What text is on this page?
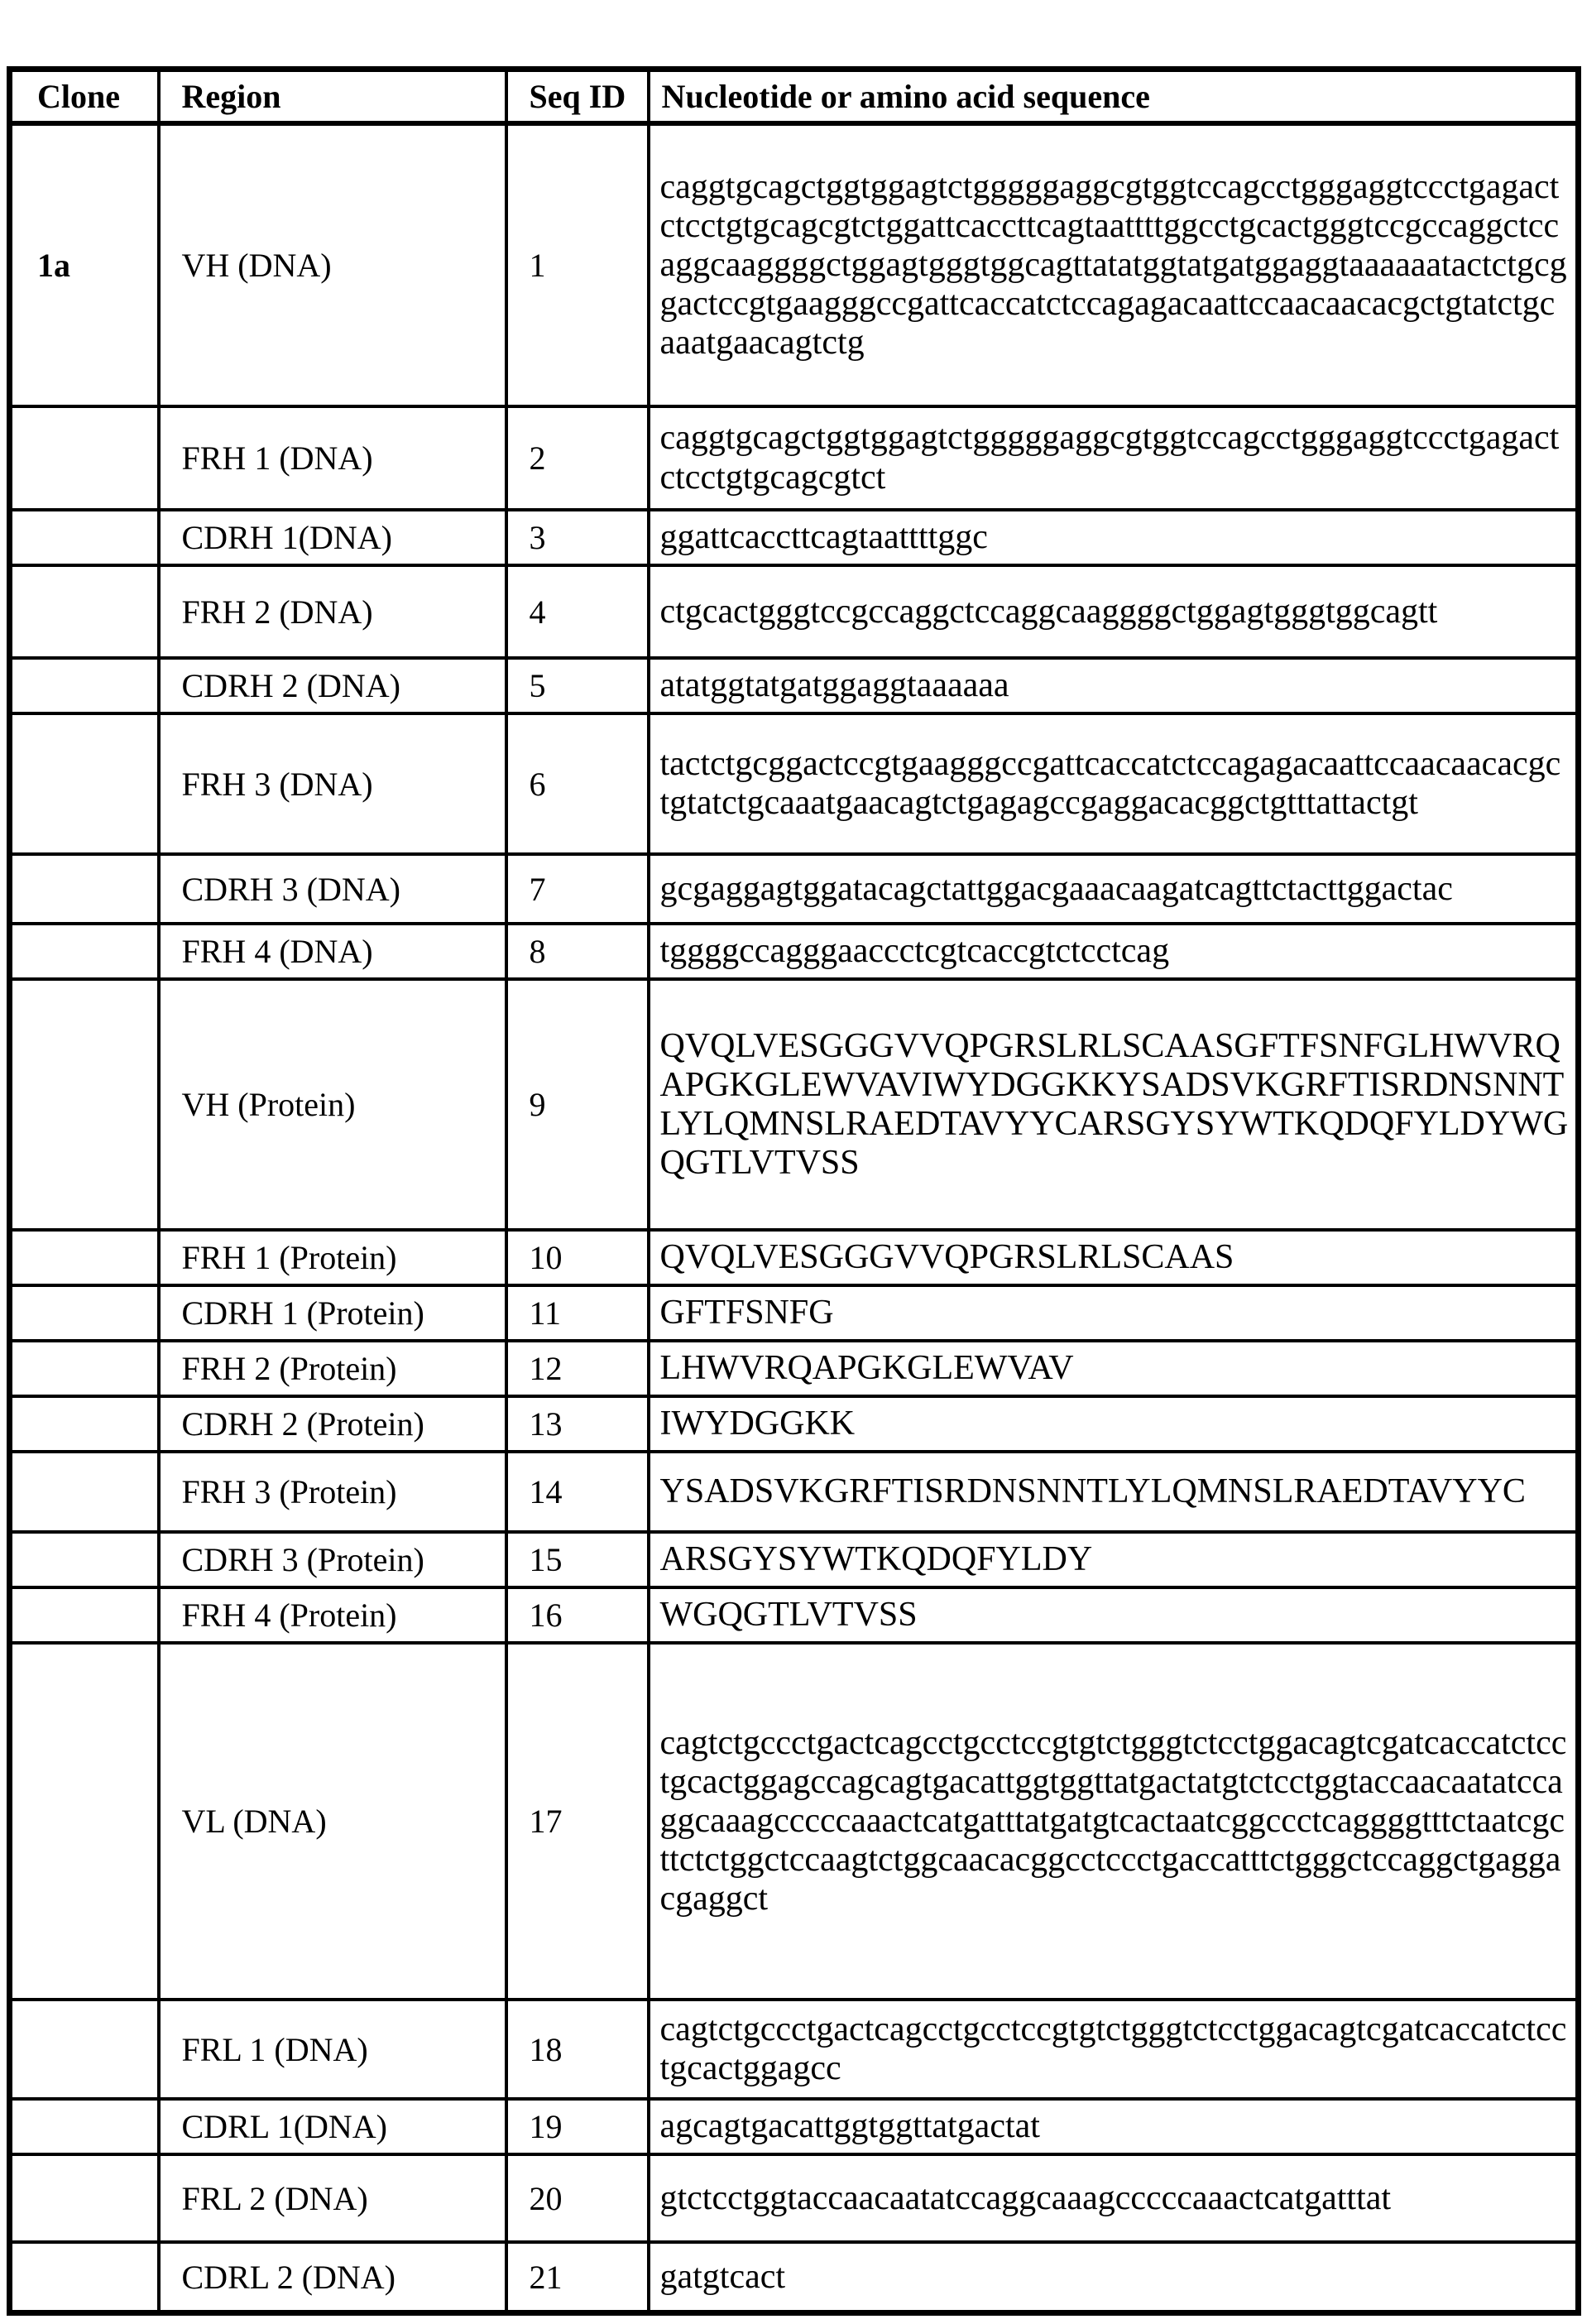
Clone	Region	Seq ID	Nucleotide or amino acid sequence
1a	VH (DNA)	1	caggtgcagctggtggagtctgggggaggcgtggtccagcctgggaggtccctgagactctcctgtgcagcgtctggattcaccttcagtaattttggcctgcactgggtccgccaggctccaggcaaggggctggagtgggtggcagttatatggtatgatggaggtaaaaaatactctgcggactccgtgaagggccgattcaccatctccagagacaattccaacaacacgctgtatctgcaaatgaacagtctg
	FRH 1 (DNA)	2	caggtgcagctggtggagtctgggggaggcgtggtccagcctgggaggtccctgagactctcctgtgcagcgtct
	CDRH 1(DNA)	3	ggattcaccttcagtaattttggc
	FRH 2 (DNA)	4	ctgcactgggtccgccaggctccaggcaaggggctggagtgggtggcagtt
	CDRH 2 (DNA)	5	atatggtatgatggaggtaaaaaa
	FRH 3 (DNA)	6	tactctgcggactccgtgaagggccgattcaccatctccagagacaattccaacaacacgctgtatctgcaaatgaacagtctgagagccgaggacacggctgtttattactgt
	CDRH 3 (DNA)	7	gcgaggagtggatacagctattggacgaaacaagatcagttctacttggactac
	FRH 4 (DNA)	8	tggggccagggaaccctcgtcaccgtctcctcag
	VH (Protein)	9	QVQLVESGGGVVQPGRSLRLSCAASGFTFSNFGLHWVRQAPGKGLEWVAVIWYDGGKKYSADSVKGRFTISRDNSNNTLYLQMNSLRAEDTAVYYCARSGYSYWTKQDQFYLDYWGQGTLVTVSS
	FRH 1 (Protein)	10	QVQLVESGGGVVQPGRSLRLSCAAS
	CDRH 1 (Protein)	11	GFTFSNFG
	FRH 2 (Protein)	12	LHWVRQAPGKGLEWVAV
	CDRH 2 (Protein)	13	IWYDGGKK
	FRH 3 (Protein)	14	YSADSVKGRFTISRDNSNNTLYLQMNSLRAEDTAVYYC
	CDRH 3 (Protein)	15	ARSGYSYWTKQDQFYLDY
	FRH 4 (Protein)	16	WGQGTLVTVSS
	VL (DNA)	17	cagtctgccctgactcagcctgcctccgtgtctgggtctcctggacagtcgatcaccatctcctgcactggagccagcagtgacattggtggttatgactatgtctcctggtaccaacaatatccaggcaaagcccccaaactcatgatttatgatgtcactaatcggccctcaggggtttctaatcgcttctctggctccaagtctggcaacacggcctccctgaccatttctgggctccaggctgaggacgaggct
	FRL 1 (DNA)	18	cagtctgccctgactcagcctgcctccgtgtctgggtctcctggacagtcgatcaccatctcctgcactggagcc
	CDRL 1(DNA)	19	agcagtgacattggtggttatgactat
	FRL 2 (DNA)	20	gtctcctggtaccaacaatatccaggcaaagcccccaaactcatgatttat
	CDRL 2 (DNA)	21	gatgtcact
